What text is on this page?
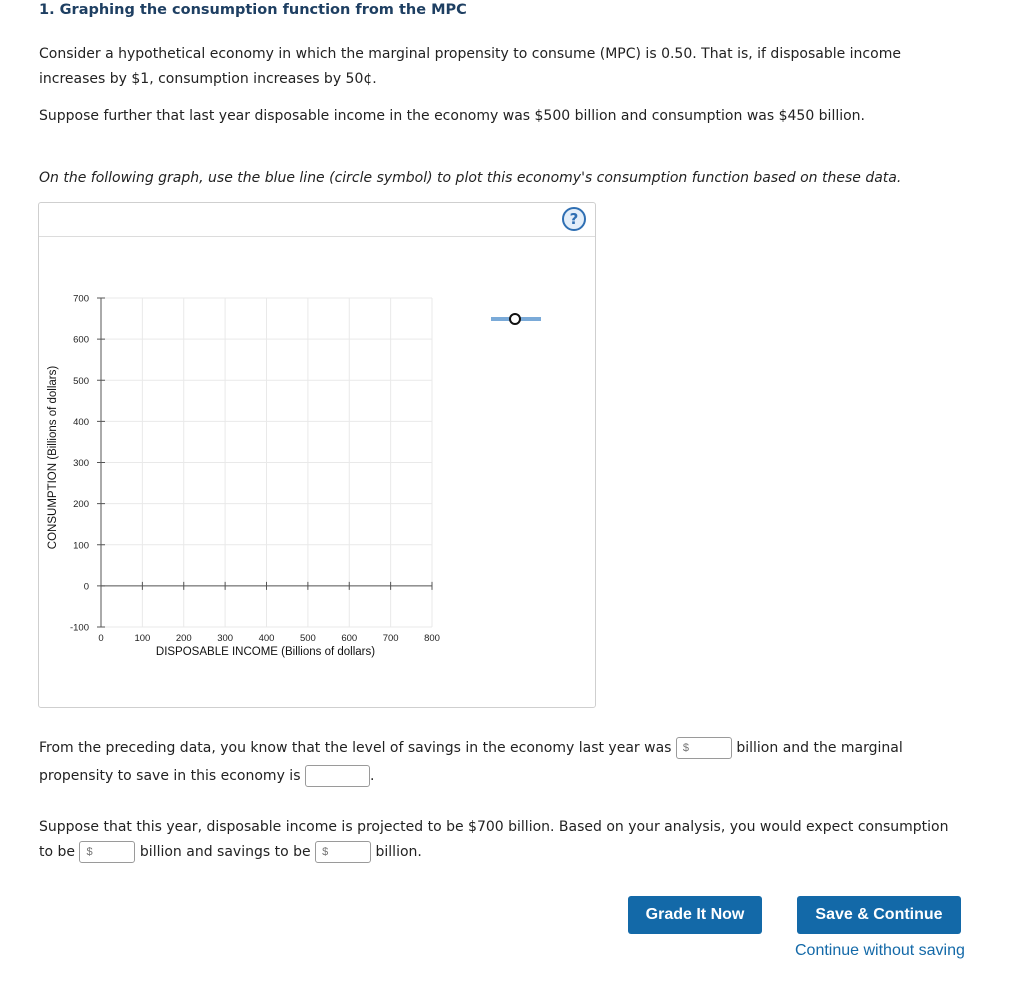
1. Graphing the consumption function from the MPC
Consider a hypothetical economy in which the marginal propensity to consume (MPC) is 0.50. That is, if disposable income
increases by $1, consumption increases by 50¢.
Suppose further that last year disposable income in the economy was $500 billion and consumption was $450 billion.
On the following graph, use the blue line (circle symbol) to plot this economy's consumption function based on these data.
?
-100
0
100
200
300
400
500
600
700
0	100	200	300	400	500	600	700	800
DISPOSABLE INCOME (Billions of dollars)
CONSUMPTION (Billions of dollars)
From the preceding data, you know that the level of savings in the economy last year was $	billion and the marginal
propensity to save in this economy is	.
Suppose that this year, disposable income is projected to be $700 billion. Based on your analysis, you would expect consumption
to be $	billion and savings to be $	billion.
Grade It Now	Save & Continue
Continue without saving
